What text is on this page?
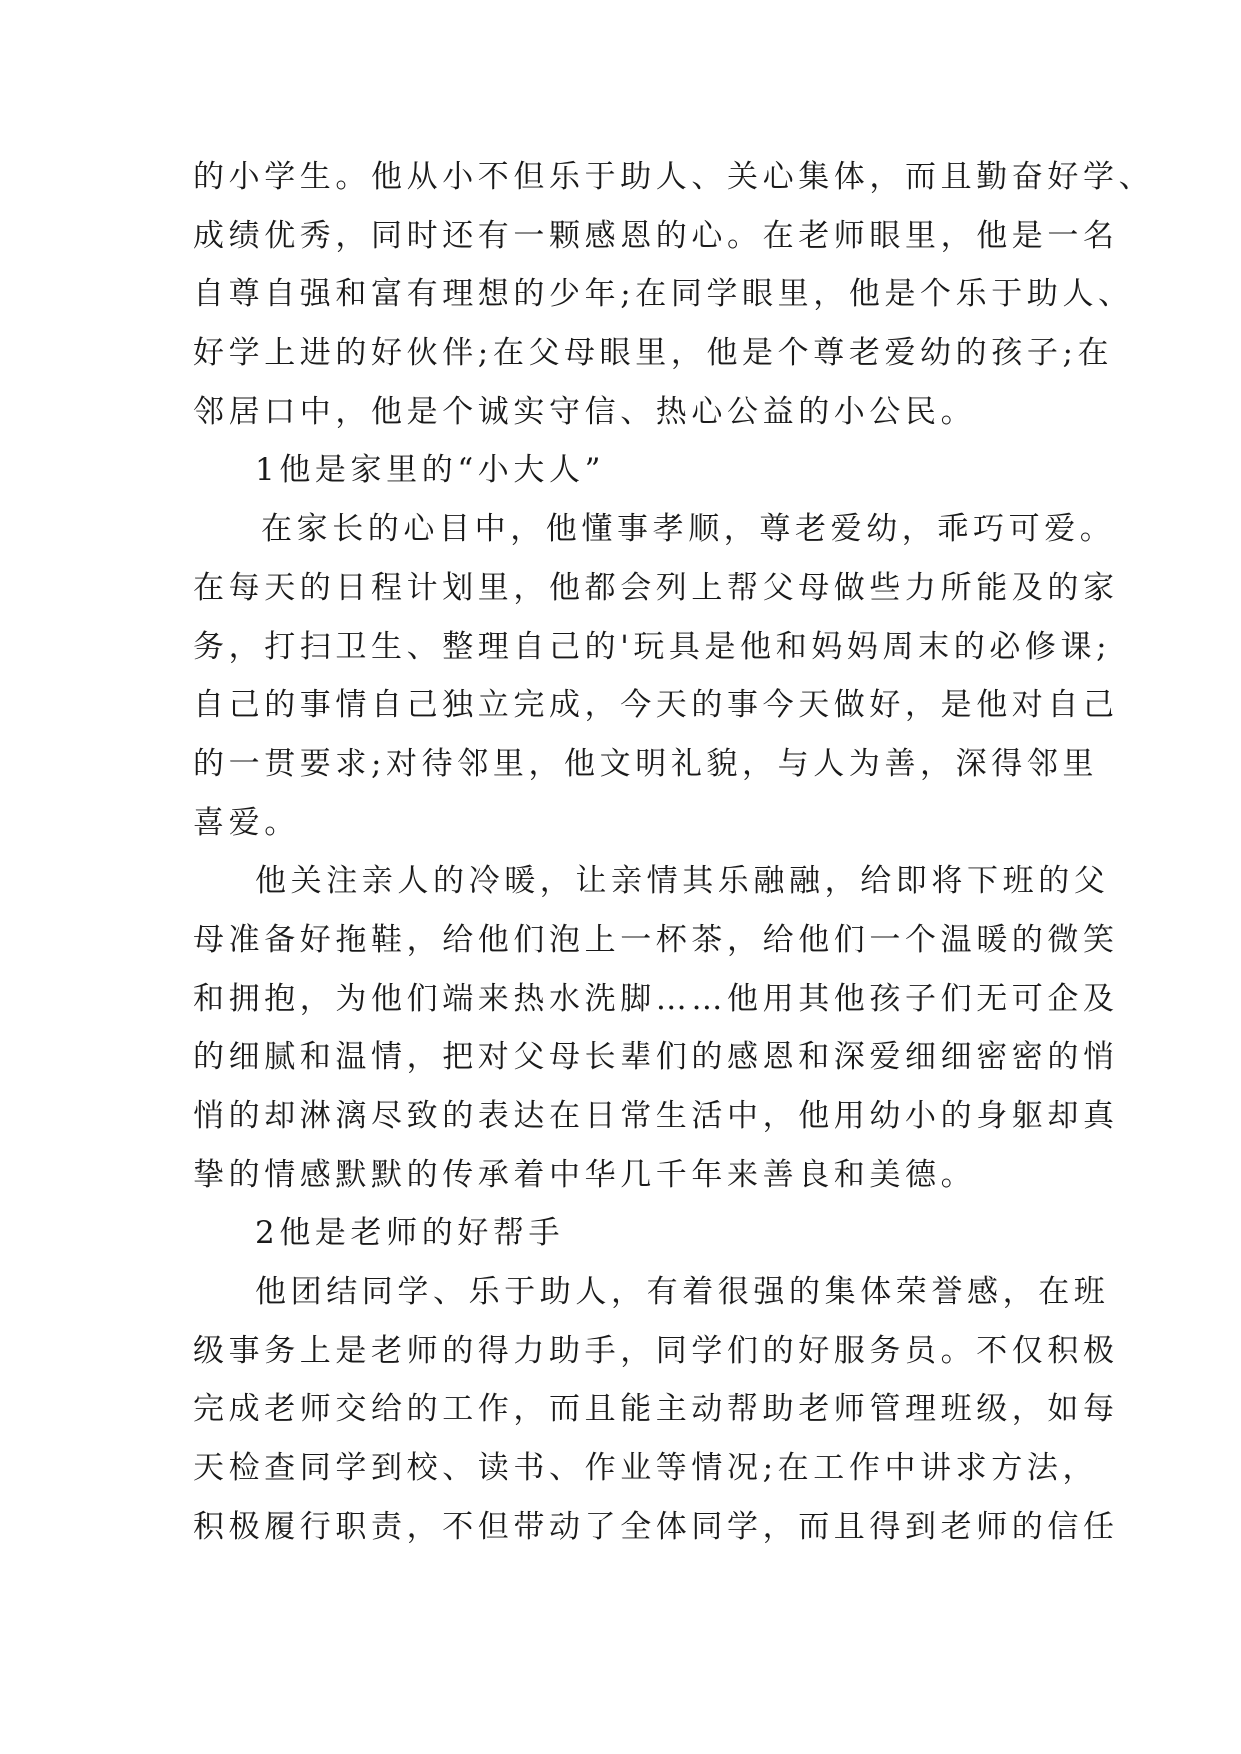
的小学生。他从小不但乐于助人、关心集体，而且勤奋好学、
成绩优秀，同时还有一颗感恩的心。在老师眼里，他是一名
自尊自强和富有理想的少年;在同学眼里，他是个乐于助人、
好学上进的好伙伴;在父母眼里，他是个尊老爱幼的孩子;在
邻居口中，他是个诚实守信、热心公益的小公民。
1他是家里的“小大人”
在家长的心目中，他懂事孝顺，尊老爱幼，乖巧可爱。
在每天的日程计划里，他都会列上帮父母做些力所能及的家
务，打扫卫生、整理自己的'玩具是他和妈妈周末的必修课;
自己的事情自己独立完成，今天的事今天做好，是他对自己
的一贯要求;对待邻里，他文明礼貌，与人为善，深得邻里
喜爱。
他关注亲人的冷暖，让亲情其乐融融，给即将下班的父
母准备好拖鞋，给他们泡上一杯茶，给他们一个温暖的微笑
和拥抱，为他们端来热水洗脚……他用其他孩子们无可企及
的细腻和温情，把对父母长辈们的感恩和深爱细细密密的悄
悄的却淋漓尽致的表达在日常生活中，他用幼小的身躯却真
挚的情感默默的传承着中华几千年来善良和美德。
2他是老师的好帮手
他团结同学、乐于助人，有着很强的集体荣誉感，在班
级事务上是老师的得力助手，同学们的好服务员。不仅积极
完成老师交给的工作，而且能主动帮助老师管理班级，如每
天检查同学到校、读书、作业等情况;在工作中讲求方法，
积极履行职责，不但带动了全体同学，而且得到老师的信任
